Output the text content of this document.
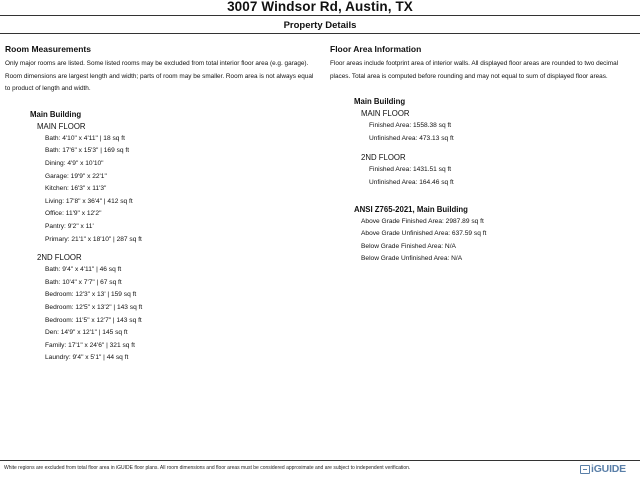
3007 Windsor Rd, Austin, TX
Property Details
Room Measurements

Only major rooms are listed. Some listed rooms may be excluded from total interior floor area (e.g. garage). Room dimensions are largest length and width; parts of room may be smaller. Room area is not always equal to product of length and width.

Main Building
MAIN FLOOR
Bath: 4'10" x 4'11" | 18 sq ft
Bath: 17'6" x 15'3" | 169 sq ft
Dining: 4'9" x 10'10"
Garage: 19'9" x 22'1"
Kitchen: 16'3" x 11'3"
Living: 17'8" x 36'4" | 412 sq ft
Office: 11'9" x 12'2"
Pantry: 9'2" x 11'
Primary: 21'1" x 18'10" | 287 sq ft
2ND FLOOR
Bath: 9'4" x 4'11" | 46 sq ft
Bath: 10'4" x 7'7" | 67 sq ft
Bedroom: 12'3" x 13' | 159 sq ft
Bedroom: 12'5" x 13'2" | 143 sq ft
Bedroom: 11'5" x 12'7" | 143 sq ft
Den: 14'9" x 12'1" | 145 sq ft
Family: 17'1" x 24'6" | 321 sq ft
Laundry: 9'4" x 5'1" | 44 sq ft
Floor Area Information

Floor areas include footprint area of interior walls. All displayed floor areas are rounded to two decimal places. Total area is computed before rounding and may not equal to sum of displayed floor areas.

Main Building
MAIN FLOOR
Finished Area: 1558.38 sq ft
Unfinished Area: 473.13 sq ft
2ND FLOOR
Finished Area: 1431.51 sq ft
Unfinished Area: 164.46 sq ft
ANSI Z765-2021, Main Building
Above Grade Finished Area: 2987.89 sq ft
Above Grade Unfinished Area: 637.59 sq ft
Below Grade Finished Area: N/A
Below Grade Unfinished Area: N/A
White regions are excluded from total floor area in iGUIDE floor plans. All room dimensions and floor areas must be considered approximate and are subject to independent verification.	iGUIDE
